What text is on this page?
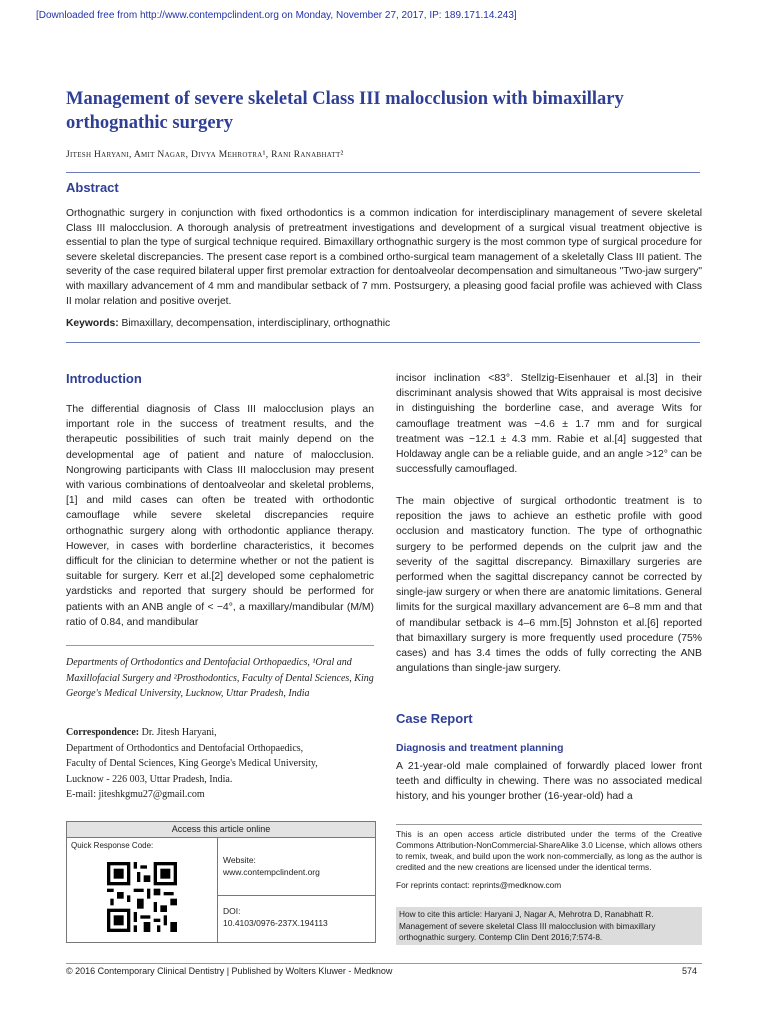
[Downloaded free from http://www.contempclindent.org on Monday, November 27, 2017, IP: 189.171.14.243]
Management of severe skeletal Class III malocclusion with bimaxillary orthognathic surgery
Jitesh Haryani, Amit Nagar, Divya Mehrotra¹, Rani Ranabhatt²
Abstract
Orthognathic surgery in conjunction with fixed orthodontics is a common indication for interdisciplinary management of severe skeletal Class III malocclusion. A thorough analysis of pretreatment investigations and development of a surgical visual treatment objective is essential to plan the type of surgical technique required. Bimaxillary orthognathic surgery is the most common type of surgical procedure for severe skeletal discrepancies. The present case report is a combined ortho-surgical team management of a skeletally Class III patient. The severity of the case required bilateral upper first premolar extraction for dentoalveolar decompensation and simultaneous "Two-jaw surgery" with maxillary advancement of 4 mm and mandibular setback of 7 mm. Postsurgery, a pleasing good facial profile was achieved with Class II molar relation and positive overjet.
Keywords: Bimaxillary, decompensation, interdisciplinary, orthognathic
Introduction
The differential diagnosis of Class III malocclusion plays an important role in the success of treatment results, and the therapeutic possibilities of such trait mainly depend on the developmental age of patient and nature of malocclusion. Nongrowing participants with Class III malocclusion may present with various combinations of dentoalveolar and skeletal problems,[1] and mild cases can often be treated with orthodontic camouflage while severe skeletal discrepancies require orthognathic surgery along with orthodontic appliance therapy. However, in cases with borderline characteristics, it becomes difficult for the clinician to determine whether or not the patient is suitable for surgery. Kerr et al.[2] developed some cephalometric yardsticks and reported that surgery should be performed for patients with an ANB angle of < −4°, a maxillary/mandibular (M/M) ratio of 0.84, and mandibular
incisor inclination <83°. Stellzig-Eisenhauer et al.[3] in their discriminant analysis showed that Wits appraisal is most decisive in distinguishing the borderline case, and average Wits for camouflage treatment was −4.6 ± 1.7 mm and for surgical treatment was −12.1 ± 4.3 mm. Rabie et al.[4] suggested that Holdaway angle can be a reliable guide, and an angle >12° can be successfully camouflaged.
The main objective of surgical orthodontic treatment is to reposition the jaws to achieve an esthetic profile with good occlusion and masticatory function. The type of orthognathic surgery to be performed depends on the culprit jaw and the severity of the sagittal discrepancy. Bimaxillary surgeries are performed when the sagittal discrepancy cannot be corrected by single-jaw surgery or when there are anatomic limitations. General limits for the surgical maxillary advancement are 6–8 mm and that of mandibular setback is 4–6 mm.[5] Johnston et al.[6] reported that bimaxillary surgery is more frequently used procedure (75% cases) and has 3.4 times the odds of fully correcting the ANB angulations than single-jaw surgery.
Case Report
Diagnosis and treatment planning
A 21-year-old male complained of forwardly placed lower front teeth and difficulty in chewing. There was no associated medical history, and his younger brother (16-year-old) had a
Departments of Orthodontics and Dentofacial Orthopaedics, ¹Oral and Maxillofacial Surgery and ²Prosthodontics, Faculty of Dental Sciences, King George's Medical University, Lucknow, Uttar Pradesh, India
Correspondence: Dr. Jitesh Haryani,
Department of Orthodontics and Dentofacial Orthopaedics,
Faculty of Dental Sciences, King George's Medical University,
Lucknow - 226 003, Uttar Pradesh, India.
E-mail: jiteshkgmu27@gmail.com
Access this article online
Quick Response Code:
Website:
www.contempclindent.org
DOI:
10.4103/0976-237X.194113
This is an open access article distributed under the terms of the Creative Commons Attribution-NonCommercial-ShareAlike 3.0 License, which allows others to remix, tweak, and build upon the work non-commercially, as long as the author is credited and the new creations are licensed under the identical terms.
For reprints contact: reprints@medknow.com
How to cite this article: Haryani J, Nagar A, Mehrotra D, Ranabhatt R. Management of severe skeletal Class III malocclusion with bimaxillary orthognathic surgery. Contemp Clin Dent 2016;7:574-8.
© 2016 Contemporary Clinical Dentistry | Published by Wolters Kluwer - Medknow	574
